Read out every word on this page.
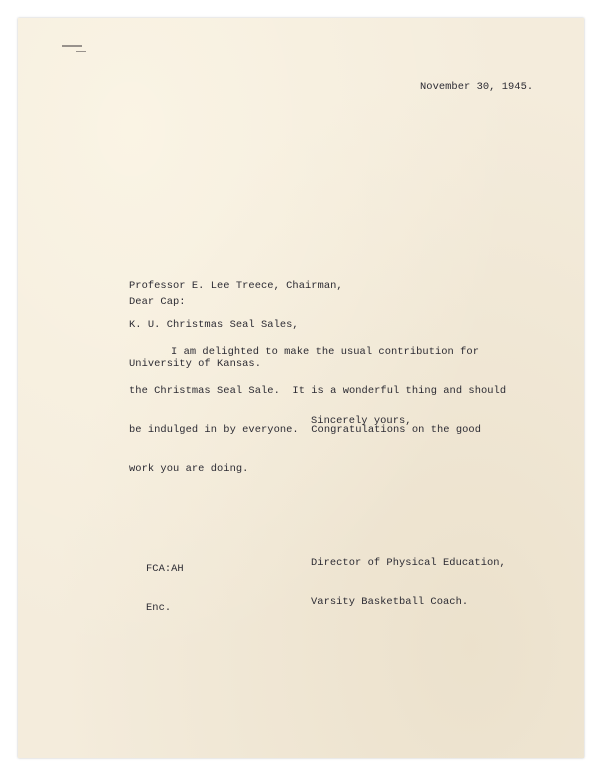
November 30, 1945.

Professor E. Lee Treece, Chairman,

K. U. Christmas Seal Sales,

University of Kansas.

Dear Cap:

I am delighted to make the usual contribution for

the Christmas Seal Sale.  It is a wonderful thing and should

be indulged in by everyone.  Congratulations on the good

work you are doing.

Sincerely yours,

Director of Physical Education,

Varsity Basketball Coach.

FCA:AH

Enc.
